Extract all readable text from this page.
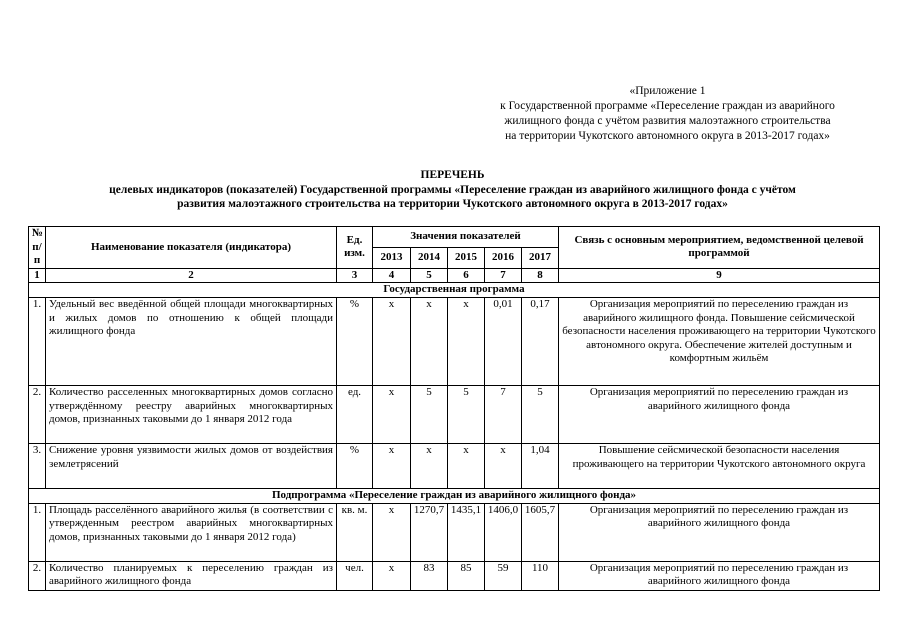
«Приложение 1
к Государственной программе «Переселение граждан из аварийного
жилищного фонда с учётом развития малоэтажного строительства
на территории Чукотского автономного округа в 2013-2017 годах»
ПЕРЕЧЕНЬ
целевых индикаторов (показателей) Государственной программы «Переселение граждан из аварийного жилищного фонда с учётом
развития малоэтажного строительства на территории Чукотского автономного округа в 2013-2017 годах»
№ п/п	Наименование показателя (индикатора)	Ед. изм.	Значения показателей					Связь с основным мероприятием, ведомственной целевой программой
			2013	2014	2015	2016	2017	
1	2	3	4	5	6	7	8	9
Государственная программа								
1.	Удельный вес введённой общей площади многоквартирных и жилых домов по отношению к общей площади жилищного фонда	%	х	х	х	0,01	0,17	Организация мероприятий по переселению граждан из аварийного жилищного фонда. Повышение сейсмической безопасности населения проживающего на территории Чукотского автономного округа. Обеспечение жителей доступным и комфортным жильём
2.	Количество расселенных многоквартирных домов согласно утверждённому реестру аварийных многоквартирных домов, признанных таковыми до 1 января 2012 года	ед.	х	5	5	7	5	Организация мероприятий по переселению граждан из аварийного жилищного фонда
3.	Снижение уровня уязвимости жилых домов от воздействия землетрясений	%	х	х	х	х	1,04	Повышение сейсмической безопасности населения проживающего на территории Чукотского автономного округа
Подпрограмма «Переселение граждан из аварийного жилищного фонда»								
1.	Площадь расселённого аварийного жилья (в соответствии с утвержденным реестром аварийных многоквартирных домов, признанных таковыми до 1 января 2012 года)	кв. м.	х	1270,7	1435,1	1406,0	1605,7	Организация мероприятий по переселению граждан из аварийного жилищного фонда
2.	Количество планируемых к переселению граждан из аварийного жилищного фонда	чел.	х	83	85	59	110	Организация мероприятий по переселению граждан из аварийного жилищного фонда
